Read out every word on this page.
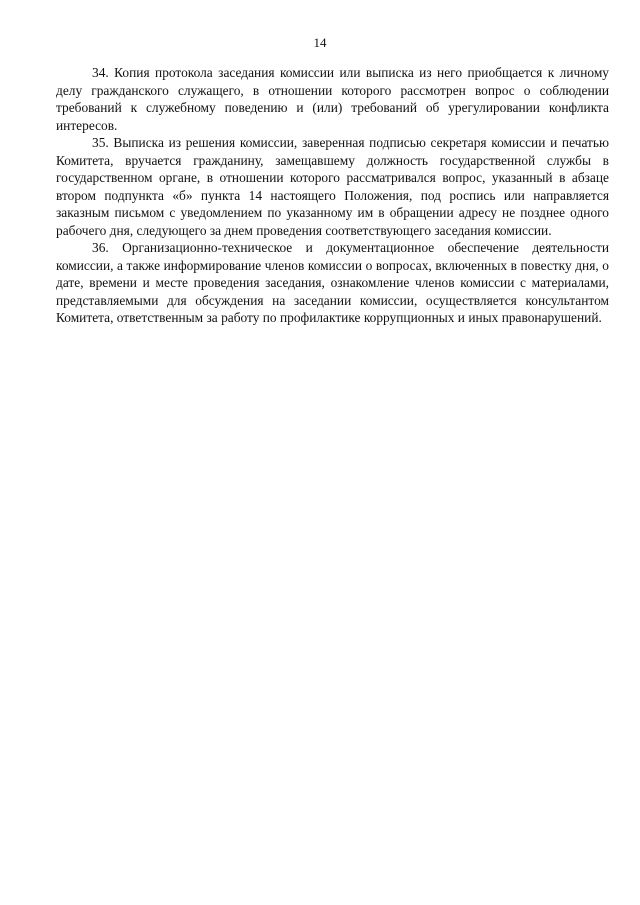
14

34. Копия протокола заседания комиссии или выписка из него приобщается к личному делу гражданского служащего, в отношении которого рассмотрен вопрос о соблюдении требований к служебному поведению и (или) требований об урегулировании конфликта интересов.

35. Выписка из решения комиссии, заверенная подписью секретаря комиссии и печатью Комитета, вручается гражданину, замещавшему должность государственной службы в государственном органе, в отношении которого рассматривался вопрос, указанный в абзаце втором подпункта «б» пункта 14 настоящего Положения, под роспись или направляется заказным письмом с уведомлением по указанному им в обращении адресу не позднее одного рабочего дня, следующего за днем проведения соответствующего заседания комиссии.

36. Организационно-техническое и документационное обеспечение деятельности комиссии, а также информирование членов комиссии о вопросах, включенных в повестку дня, о дате, времени и месте проведения заседания, ознакомление членов комиссии с материалами, представляемыми для обсуждения на заседании комиссии, осуществляется консультантом Комитета, ответственным за работу по профилактике коррупционных и иных правонарушений.
